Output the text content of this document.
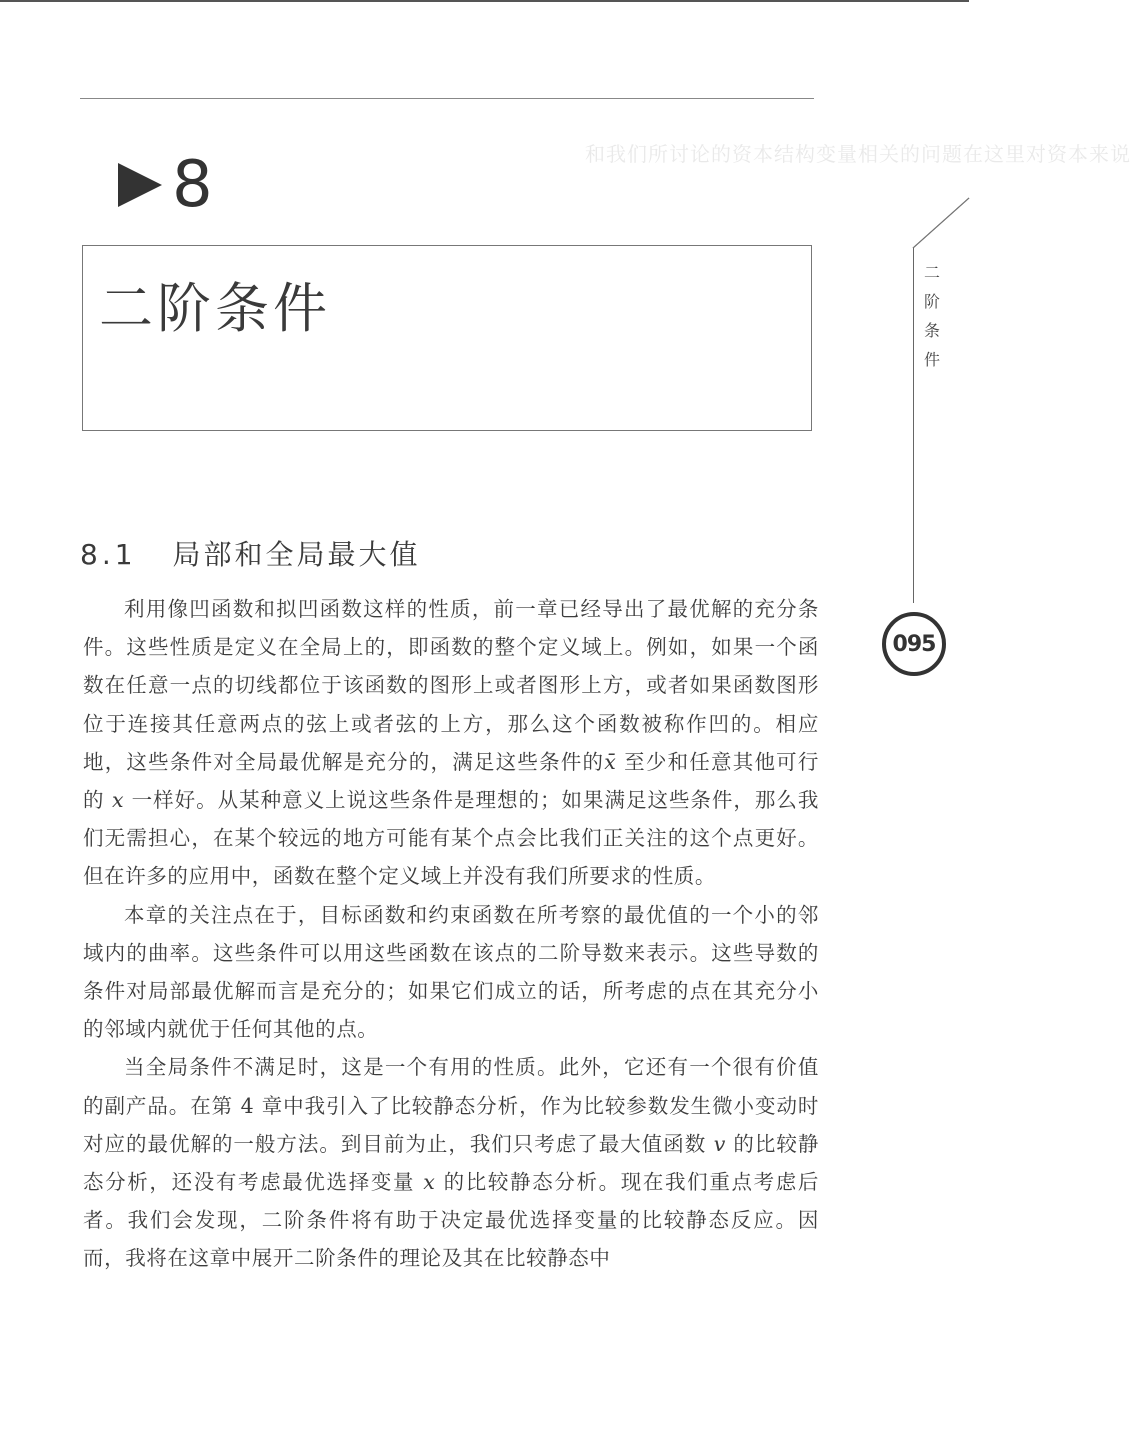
和我们所讨论的资本结构变量相关的问题在这里对资本来说
8
二阶条件
二阶条件
095
8.1 局部和全局最大值

利用像凹函数和拟凹函数这样的性质，前一章已经导出了最优解的充分条件。这些性质是定义在全局上的，即函数的整个定义域上。例如，如果一个函数在任意一点的切线都位于该函数的图形上或者图形上方，或者如果函数图形位于连接其任意两点的弦上或者弦的上方，那么这个函数被称作凹的。相应地，这些条件对全局最优解是充分的，满足这些条件的x̄ 至少和任意其他可行的 x 一样好。从某种意义上说这些条件是理想的；如果满足这些条件，那么我们无需担心，在某个较远的地方可能有某个点会比我们正关注的这个点更好。但在许多的应用中，函数在整个定义域上并没有我们所要求的性质。

本章的关注点在于，目标函数和约束函数在所考察的最优值的一个小的邻域内的曲率。这些条件可以用这些函数在该点的二阶导数来表示。这些导数的条件对局部最优解而言是充分的；如果它们成立的话，所考虑的点在其充分小的邻域内就优于任何其他的点。

当全局条件不满足时，这是一个有用的性质。此外，它还有一个很有价值的副产品。在第 4 章中我引入了比较静态分析，作为比较参数发生微小变动时对应的最优解的一般方法。到目前为止，我们只考虑了最大值函数 v 的比较静态分析，还没有考虑最优选择变量 x 的比较静态分析。现在我们重点考虑后者。我们会发现，二阶条件将有助于决定最优选择变量的比较静态反应。因而，我将在这章中展开二阶条件的理论及其在比较静态中
